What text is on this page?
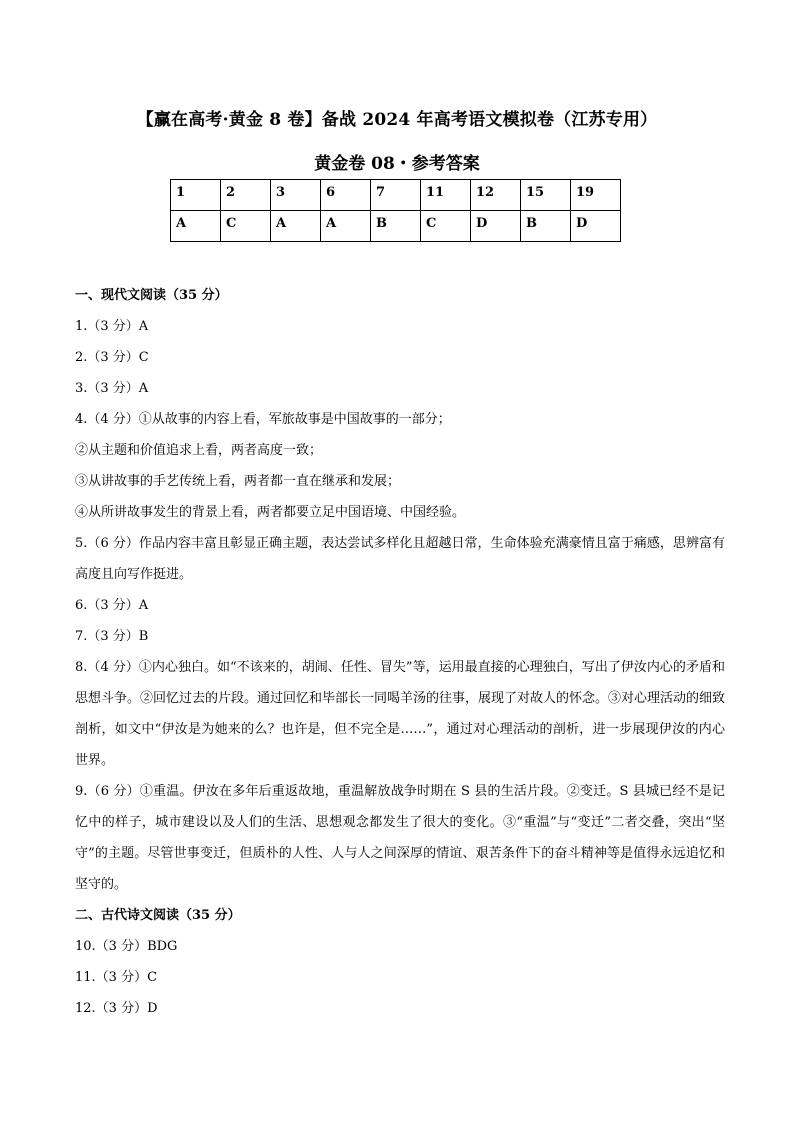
【赢在高考·黄金 8 卷】备战 2024 年高考语文模拟卷（江苏专用）
黄金卷 08・参考答案
1	2	3	6	7	11	12	15	19
A	C	A	A	B	C	D	B	D
一、现代文阅读（35 分）
1.（3 分）A
2.（3 分）C
3.（3 分）A
4.（4 分）①从故事的内容上看，军旅故事是中国故事的一部分；
②从主题和价值追求上看，两者高度一致；
③从讲故事的手艺传统上看，两者都一直在继承和发展；
④从所讲故事发生的背景上看，两者都要立足中国语境、中国经验。
5.（6 分）作品内容丰富且彰显正确主题，表达尝试多样化且超越日常，生命体验充满豪情且富于痛感，思辨富有高度且向写作挺进。
6.（3 分）A
7.（3 分）B
8.（4 分）①内心独白。如“不该来的，胡闹、任性、冒失”等，运用最直接的心理独白，写出了伊汝内心的矛盾和思想斗争。②回忆过去的片段。通过回忆和毕部长一同喝羊汤的往事，展现了对故人的怀念。③对心理活动的细致剖析，如文中“伊汝是为她来的么？也许是，但不完全是……”，通过对心理活动的剖析，进一步展现伊汝的内心世界。
9.（6 分）①重温。伊汝在多年后重返故地，重温解放战争时期在 S 县的生活片段。②变迁。S 县城已经不是记忆中的样子，城市建设以及人们的生活、思想观念都发生了很大的变化。③“重温”与“变迁”二者交叠，突出“坚守”的主题。尽管世事变迁，但质朴的人性、人与人之间深厚的情谊、艰苦条件下的奋斗精神等是值得永远追忆和坚守的。
二、古代诗文阅读（35 分）
10.（3 分）BDG
11.（3 分）C
12.（3 分）D
